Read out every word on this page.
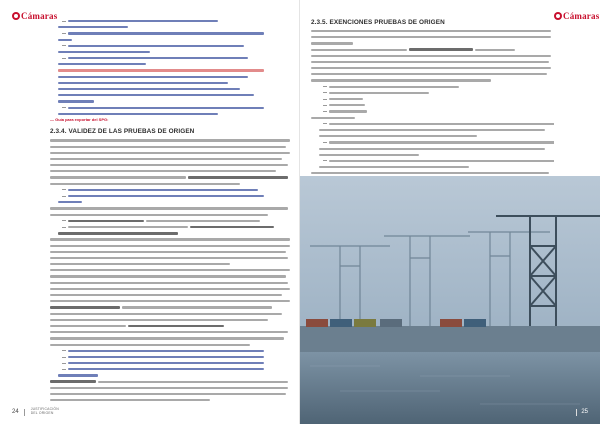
Cámaras
— Guía para exportar del SPG:
2.3.4. VALIDEZ DE LAS PRUEBAS DE ORIGEN
24
JUSTIFICACIÓN
DEL ORIGEN
2.3.5. EXENCIONES PRUEBAS DE ORIGEN
Cámaras
25
